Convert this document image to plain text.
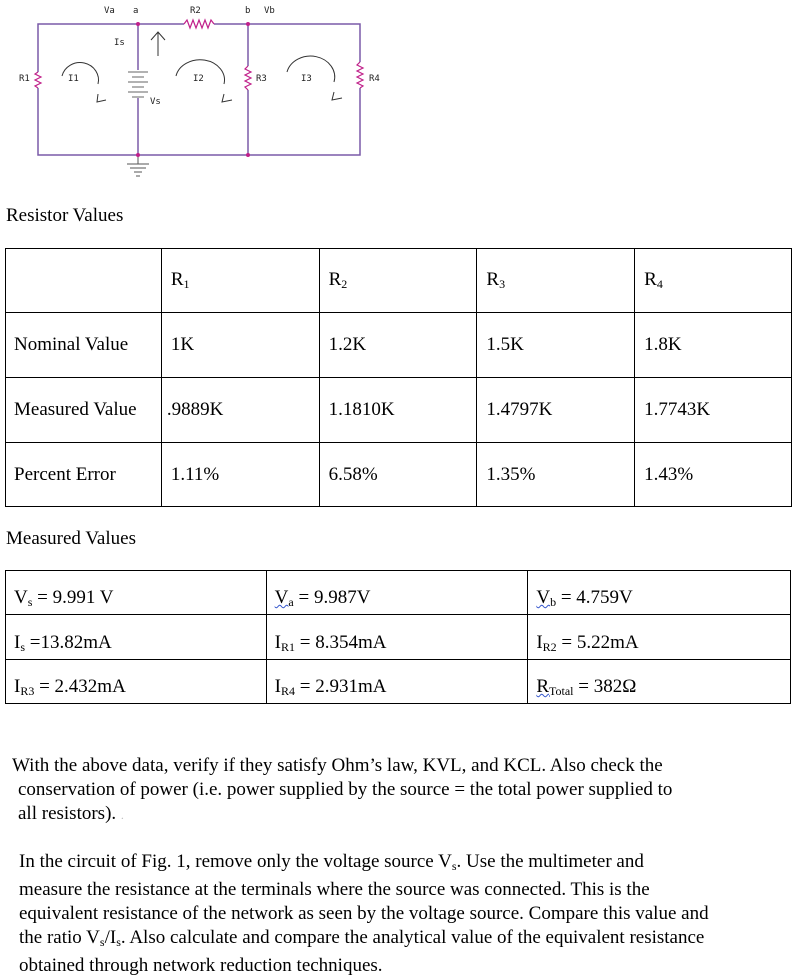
Va a	R2	b Vb
Is
R1	I1
Vs
I2	R3	I3	R4
Resistor Values
	$R_1$	$R_2$	$R_3$	$R_4$
Nominal Value	1K	1.2K	1.5K	1.8K
Measured Value	.9889K	1.1810K	1.4797K	1.7743K
Percent Error	1.11%	6.58%	1.35%	1.43%
Measured Values
$V_s = 9.991$ V	$V_a = 9.987V$	$V_b = 4.759V$
$I_s =13.82mA$	$I_{R1} = 8.354mA$	$I_{R2} = 5.22mA$
$I_{R3} = 2.432mA$	$I_{R4} = 2.931mA$	$R_{Total} = 382\Omega$
With the above data, verify if they satisfy Ohm’s law, KVL, and KCL. Also check the
conservation of power (i.e. power supplied by the source = the total power supplied to
all resistors). .
In the circuit of Fig. 1, remove only the voltage source $V_s$. Use the multimeter and
measure the resistance at the terminals where the source was connected. This is the
equivalent resistance of the network as seen by the voltage source. Compare this value and
the ratio $V_s/I_s$. Also calculate and compare the analytical value of the equivalent resistance
obtained through network reduction techniques.
